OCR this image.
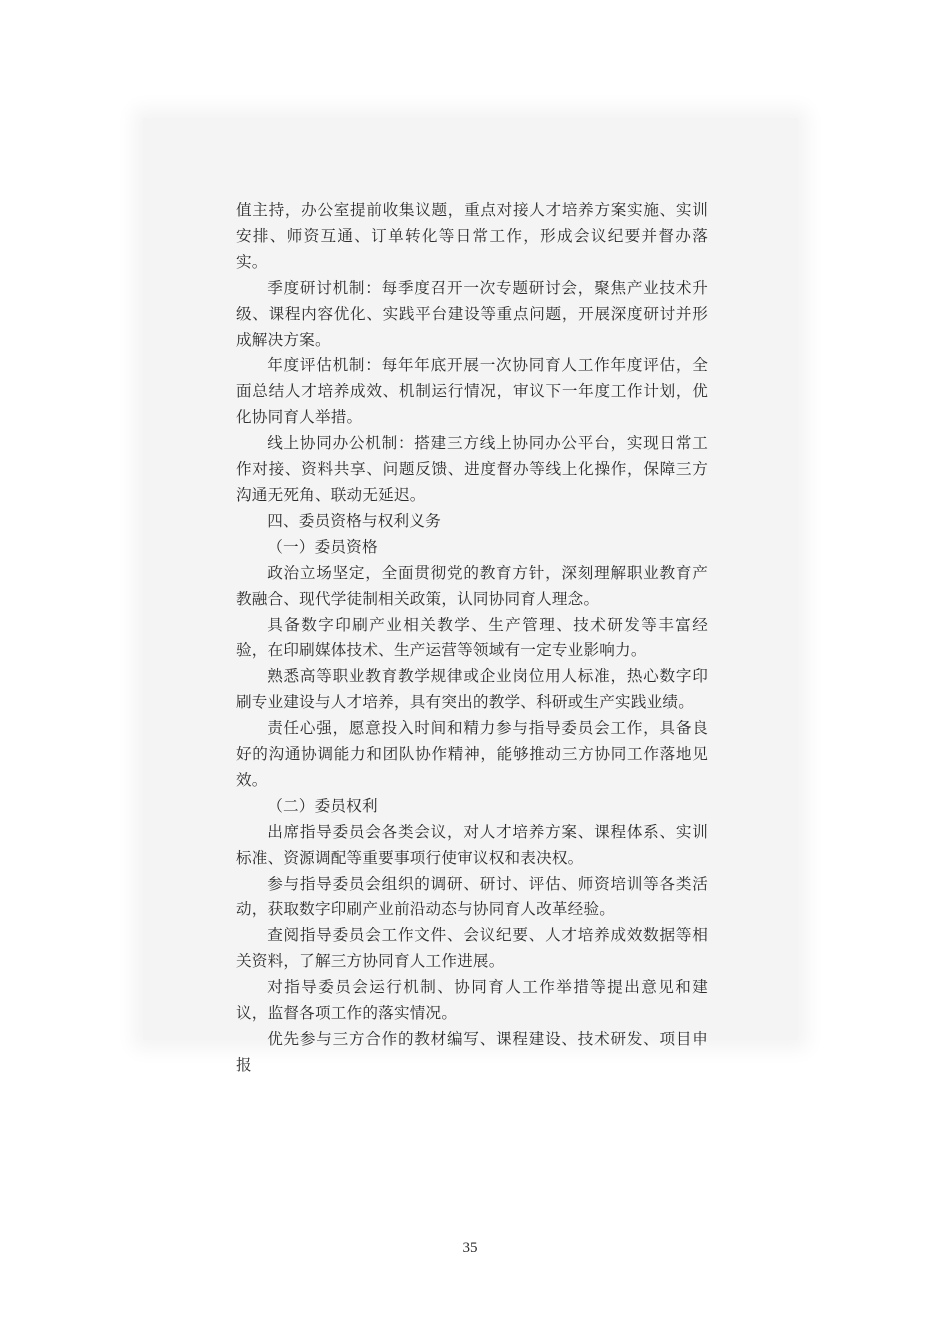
值主持，办公室提前收集议题，重点对接人才培养方案实施、实训安排、师资互通、订单转化等日常工作，形成会议纪要并督办落实。

季度研讨机制：每季度召开一次专题研讨会，聚焦产业技术升级、课程内容优化、实践平台建设等重点问题，开展深度研讨并形成解决方案。

年度评估机制：每年年底开展一次协同育人工作年度评估，全面总结人才培养成效、机制运行情况，审议下一年度工作计划，优化协同育人举措。

线上协同办公机制：搭建三方线上协同办公平台，实现日常工作对接、资料共享、问题反馈、进度督办等线上化操作，保障三方沟通无死角、联动无延迟。

四、委员资格与权利义务

（一）委员资格

政治立场坚定，全面贯彻党的教育方针，深刻理解职业教育产教融合、现代学徒制相关政策，认同协同育人理念。

具备数字印刷产业相关教学、生产管理、技术研发等丰富经验，在印刷媒体技术、生产运营等领域有一定专业影响力。

熟悉高等职业教育教学规律或企业岗位用人标准，热心数字印刷专业建设与人才培养，具有突出的教学、科研或生产实践业绩。

责任心强，愿意投入时间和精力参与指导委员会工作，具备良好的沟通协调能力和团队协作精神，能够推动三方协同工作落地见效。

（二）委员权利

出席指导委员会各类会议，对人才培养方案、课程体系、实训标准、资源调配等重要事项行使审议权和表决权。

参与指导委员会组织的调研、研讨、评估、师资培训等各类活动，获取数字印刷产业前沿动态与协同育人改革经验。

查阅指导委员会工作文件、会议纪要、人才培养成效数据等相关资料，了解三方协同育人工作进展。

对指导委员会运行机制、协同育人工作举措等提出意见和建议，监督各项工作的落实情况。

优先参与三方合作的教材编写、课程建设、技术研发、项目申报

35
